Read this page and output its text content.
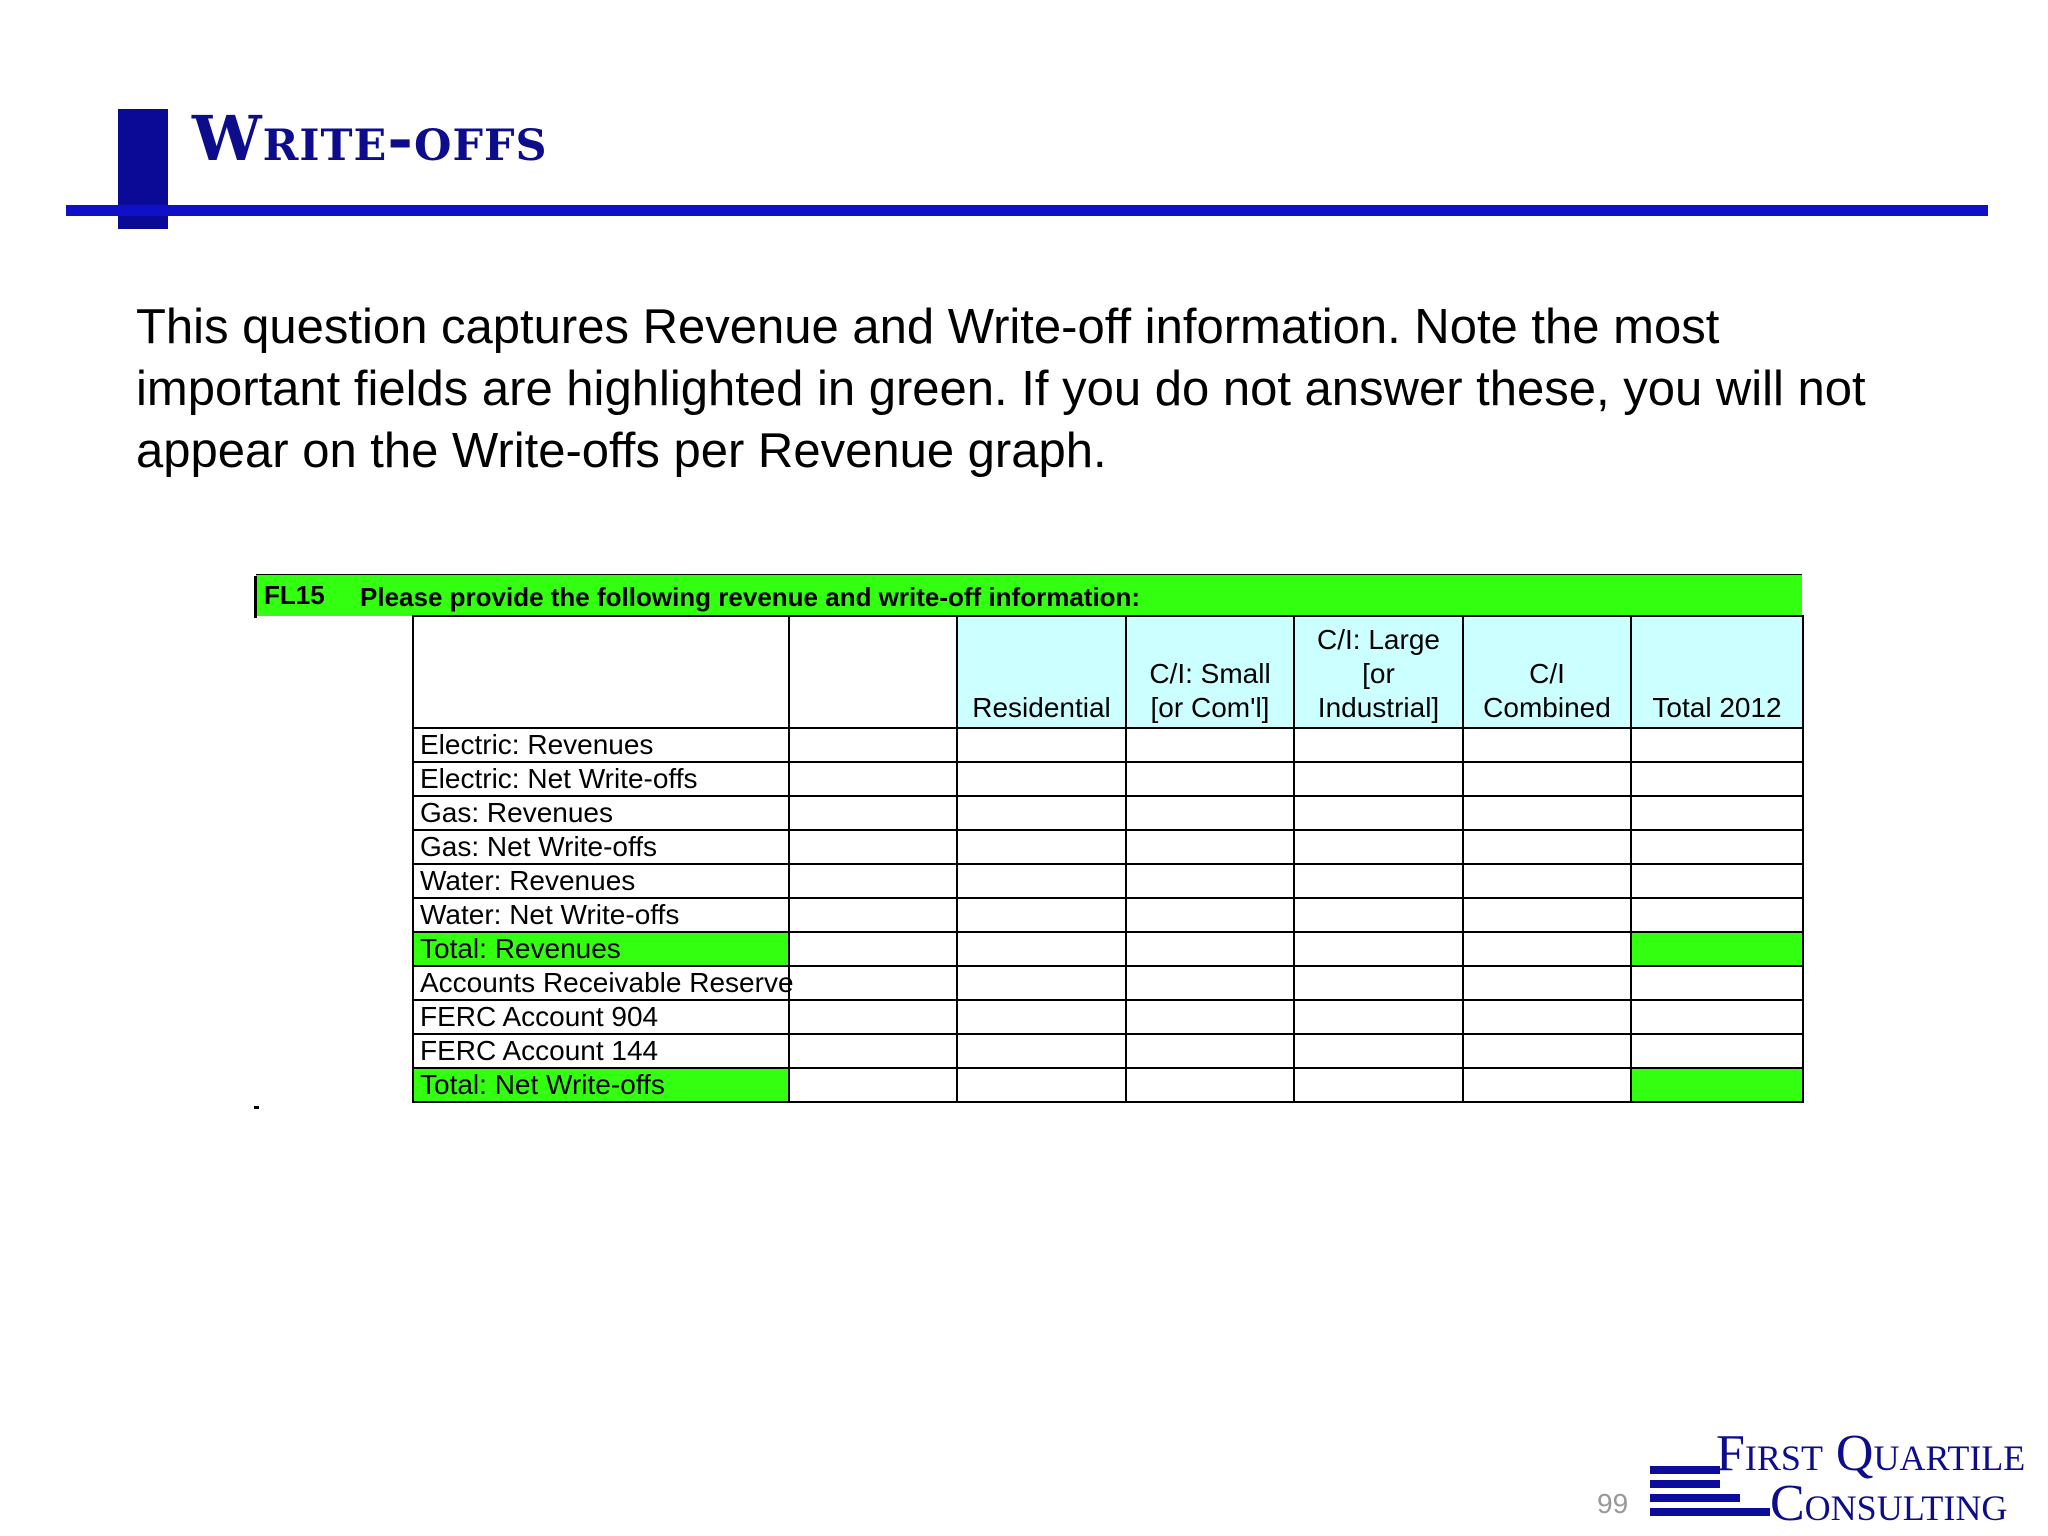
Write-offs
This question captures Revenue and Write-off information. Note the most important fields are highlighted in green. If you do not answer these, you will not appear on the Write-offs per Revenue graph.
FL15 Please provide the following revenue and write-off information:
		Residential	C/I: Small [or Com'l]	C/I: Large [or Industrial]	C/I Combined	Total 2012
Electric: Revenues						
Electric: Net Write-offs						
Gas: Revenues						
Gas: Net Write-offs						
Water: Revenues						
Water: Net Write-offs						
Total: Revenues						
Accounts Receivable Reserve						
FERC Account 904						
FERC Account 144						
Total: Net Write-offs						
99
First Quartile
Consulting
